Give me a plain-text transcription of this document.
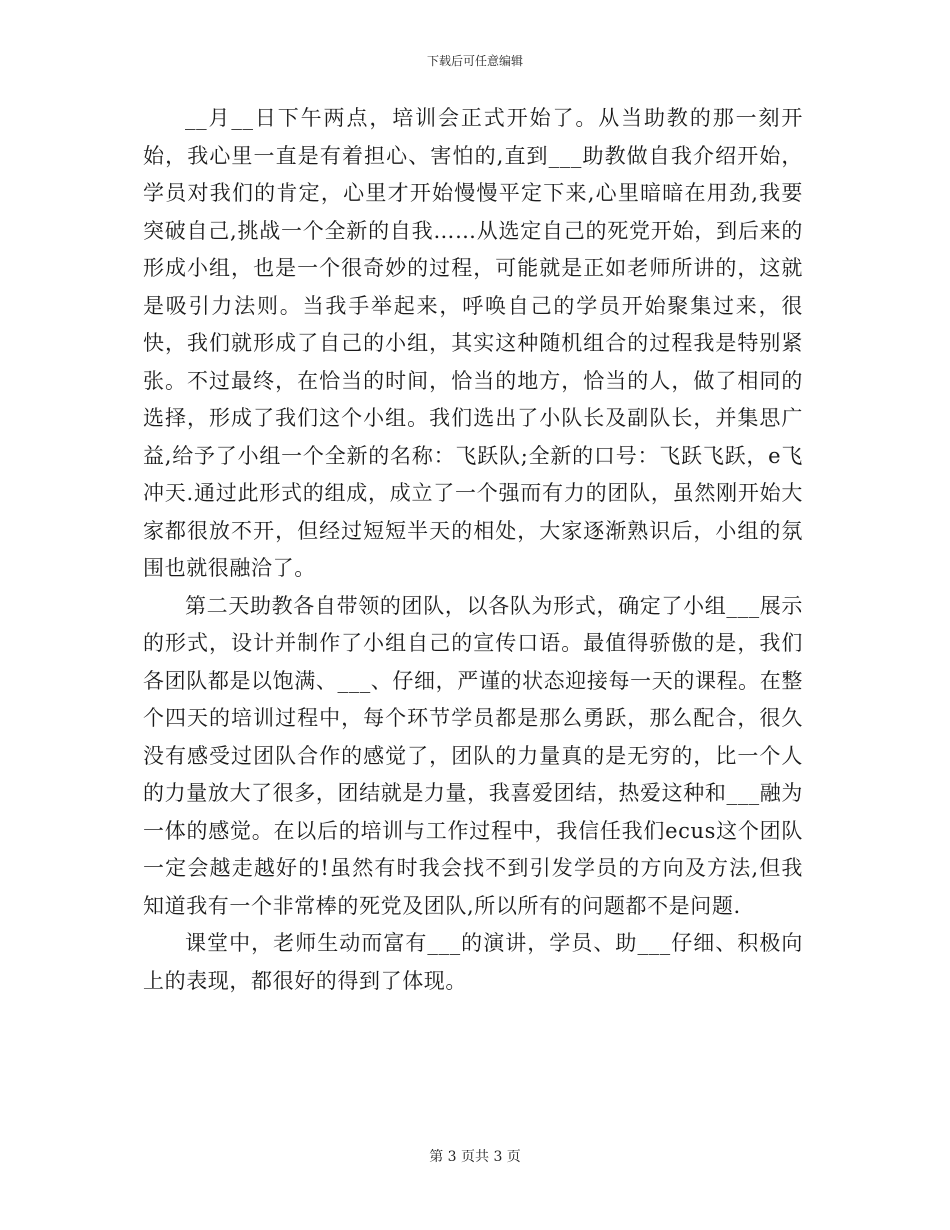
下载后可任意编辑

__月__日下午两点，培训会正式开始了。从当助教的那一刻开始，我心里一直是有着担心、害怕的,直到___助教做自我介绍开始，学员对我们的肯定，心里才开始慢慢平定下来,心里暗暗在用劲,我要突破自己,挑战一个全新的自我……从选定自己的死党开始，到后来的形成小组，也是一个很奇妙的过程，可能就是正如老师所讲的，这就是吸引力法则。当我手举起来，呼唤自己的学员开始聚集过来，很快，我们就形成了自己的小组，其实这种随机组合的过程我是特别紧张。不过最终，在恰当的时间，恰当的地方，恰当的人，做了相同的选择，形成了我们这个小组。我们选出了小队长及副队长，并集思广益,给予了小组一个全新的名称：飞跃队;全新的口号：飞跃飞跃，e飞冲天.通过此形式的组成，成立了一个强而有力的团队，虽然刚开始大家都很放不开，但经过短短半天的相处，大家逐渐熟识后，小组的氛围也就很融洽了。

第二天助教各自带领的团队，以各队为形式，确定了小组___展示的形式，设计并制作了小组自己的宣传口语。最值得骄傲的是，我们各团队都是以饱满、___、仔细，严谨的状态迎接每一天的课程。在整个四天的培训过程中，每个环节学员都是那么勇跃，那么配合，很久没有感受过团队合作的感觉了，团队的力量真的是无穷的，比一个人的力量放大了很多，团结就是力量，我喜爱团结，热爱这种和___融为一体的感觉。在以后的培训与工作过程中，我信任我们ecus这个团队一定会越走越好的!虽然有时我会找不到引发学员的方向及方法,但我知道我有一个非常棒的死党及团队,所以所有的问题都不是问题.

课堂中，老师生动而富有___的演讲，学员、助___仔细、积极向上的表现，都很好的得到了体现。

第 3 页共 3 页
